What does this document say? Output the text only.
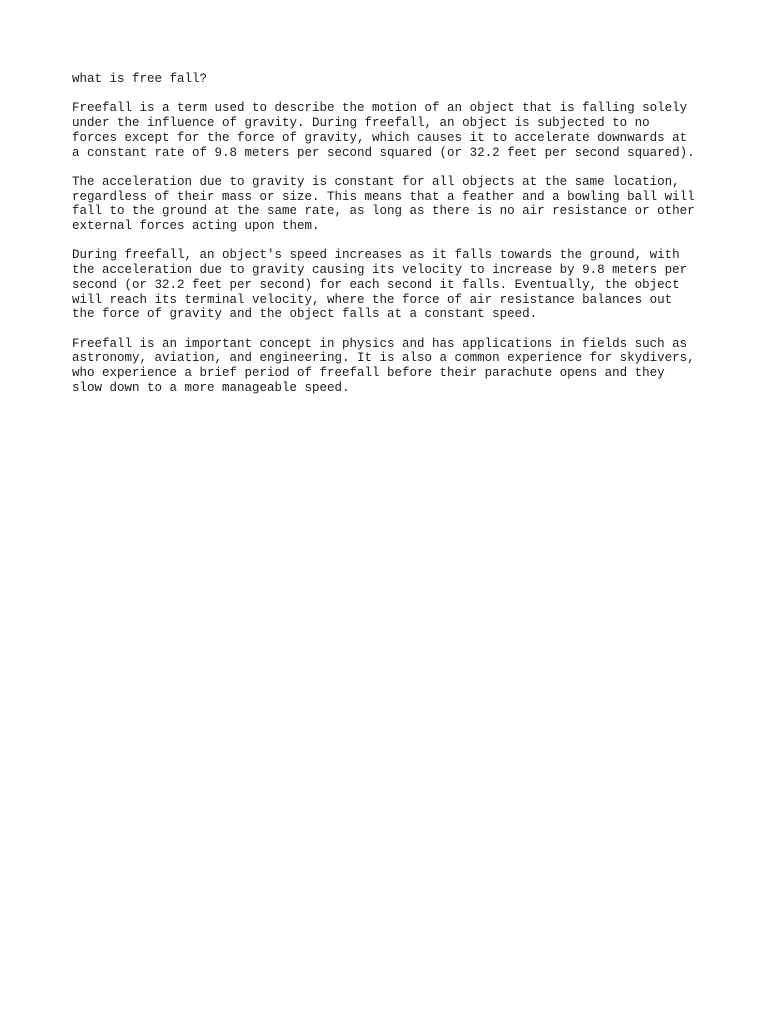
what is free fall?

Freefall is a term used to describe the motion of an object that is falling solely
under the influence of gravity. During freefall, an object is subjected to no
forces except for the force of gravity, which causes it to accelerate downwards at
a constant rate of 9.8 meters per second squared (or 32.2 feet per second squared).

The acceleration due to gravity is constant for all objects at the same location,
regardless of their mass or size. This means that a feather and a bowling ball will
fall to the ground at the same rate, as long as there is no air resistance or other
external forces acting upon them.

During freefall, an object's speed increases as it falls towards the ground, with
the acceleration due to gravity causing its velocity to increase by 9.8 meters per
second (or 32.2 feet per second) for each second it falls. Eventually, the object
will reach its terminal velocity, where the force of air resistance balances out
the force of gravity and the object falls at a constant speed.

Freefall is an important concept in physics and has applications in fields such as
astronomy, aviation, and engineering. It is also a common experience for skydivers,
who experience a brief period of freefall before their parachute opens and they
slow down to a more manageable speed.
